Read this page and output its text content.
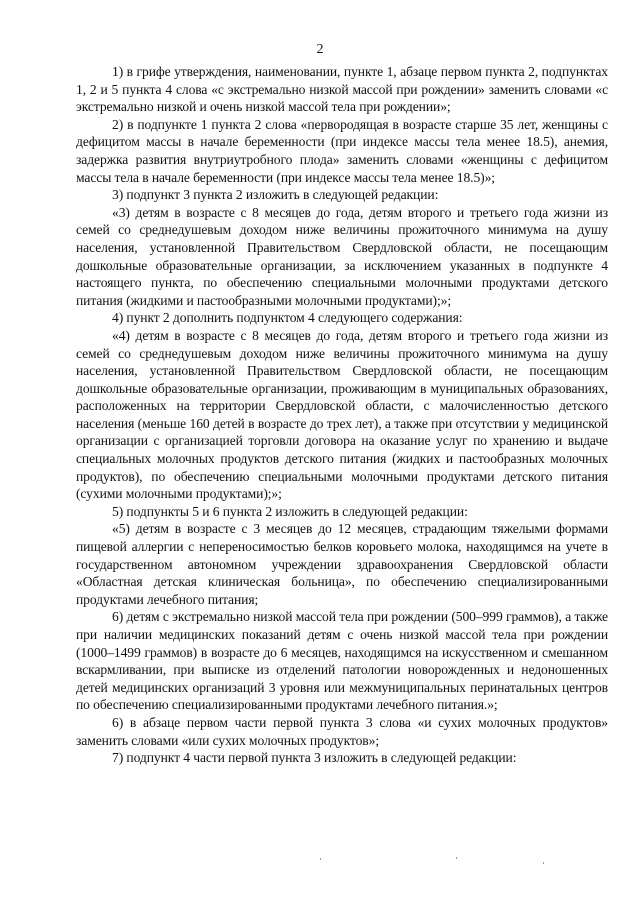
2

1) в грифе утверждения, наименовании, пункте 1, абзаце первом пункта 2, подпунктах 1, 2 и 5 пункта 4 слова «с экстремально низкой массой при рождении» заменить словами «с экстремально низкой и очень низкой массой тела при рождении»;

2) в подпункте 1 пункта 2 слова «первородящая в возрасте старше 35 лет, женщины с дефицитом массы в начале беременности (при индексе массы тела менее 18.5), анемия, задержка развития внутриутробного плода» заменить словами «женщины с дефицитом массы тела в начале беременности (при индексе массы тела менее 18.5)»;

3) подпункт 3 пункта 2 изложить в следующей редакции:

«3) детям в возрасте с 8 месяцев до года, детям второго и третьего года жизни из семей со среднедушевым доходом ниже величины прожиточного минимума на душу населения, установленной Правительством Свердловской области, не посещающим дошкольные образовательные организации, за исключением указанных в подпункте 4 настоящего пункта, по обеспечению специальными молочными продуктами детского питания (жидкими и пастообразными молочными продуктами);»;

4) пункт 2 дополнить подпунктом 4 следующего содержания:

«4) детям в возрасте с 8 месяцев до года, детям второго и третьего года жизни из семей со среднедушевым доходом ниже величины прожиточного минимума на душу населения, установленной Правительством Свердловской области, не посещающим дошкольные образовательные организации, проживающим в муниципальных образованиях, расположенных на территории Свердловской области, с малочисленностью детского населения (меньше 160 детей в возрасте до трех лет), а также при отсутствии у медицинской организации с организацией торговли договора на оказание услуг по хранению и выдаче специальных молочных продуктов детского питания (жидких и пастообразных молочных продуктов), по обеспечению специальными молочными продуктами детского питания (сухими молочными продуктами);»;

5) подпункты 5 и 6 пункта 2 изложить в следующей редакции:

«5) детям в возрасте с 3 месяцев до 12 месяцев, страдающим тяжелыми формами пищевой аллергии с непереносимостью белков коровьего молока, находящимся на учете в государственном автономном учреждении здравоохранения Свердловской области «Областная детская клиническая больница», по обеспечению специализированными продуктами лечебного питания;

6) детям с экстремально низкой массой тела при рождении (500–999 граммов), а также при наличии медицинских показаний детям с очень низкой массой тела при рождении (1000–1499 граммов) в возрасте до 6 месяцев, находящимся на искусственном и смешанном вскармливании, при выписке из отделений патологии новорожденных и недоношенных детей медицинских организаций 3 уровня или межмуниципальных перинатальных центров по обеспечению специализированными продуктами лечебного питания.»;

6) в абзаце первом части первой пункта 3 слова «и сухих молочных продуктов» заменить словами «или сухих молочных продуктов»;

7) подпункт 4 части первой пункта 3 изложить в следующей редакции:
